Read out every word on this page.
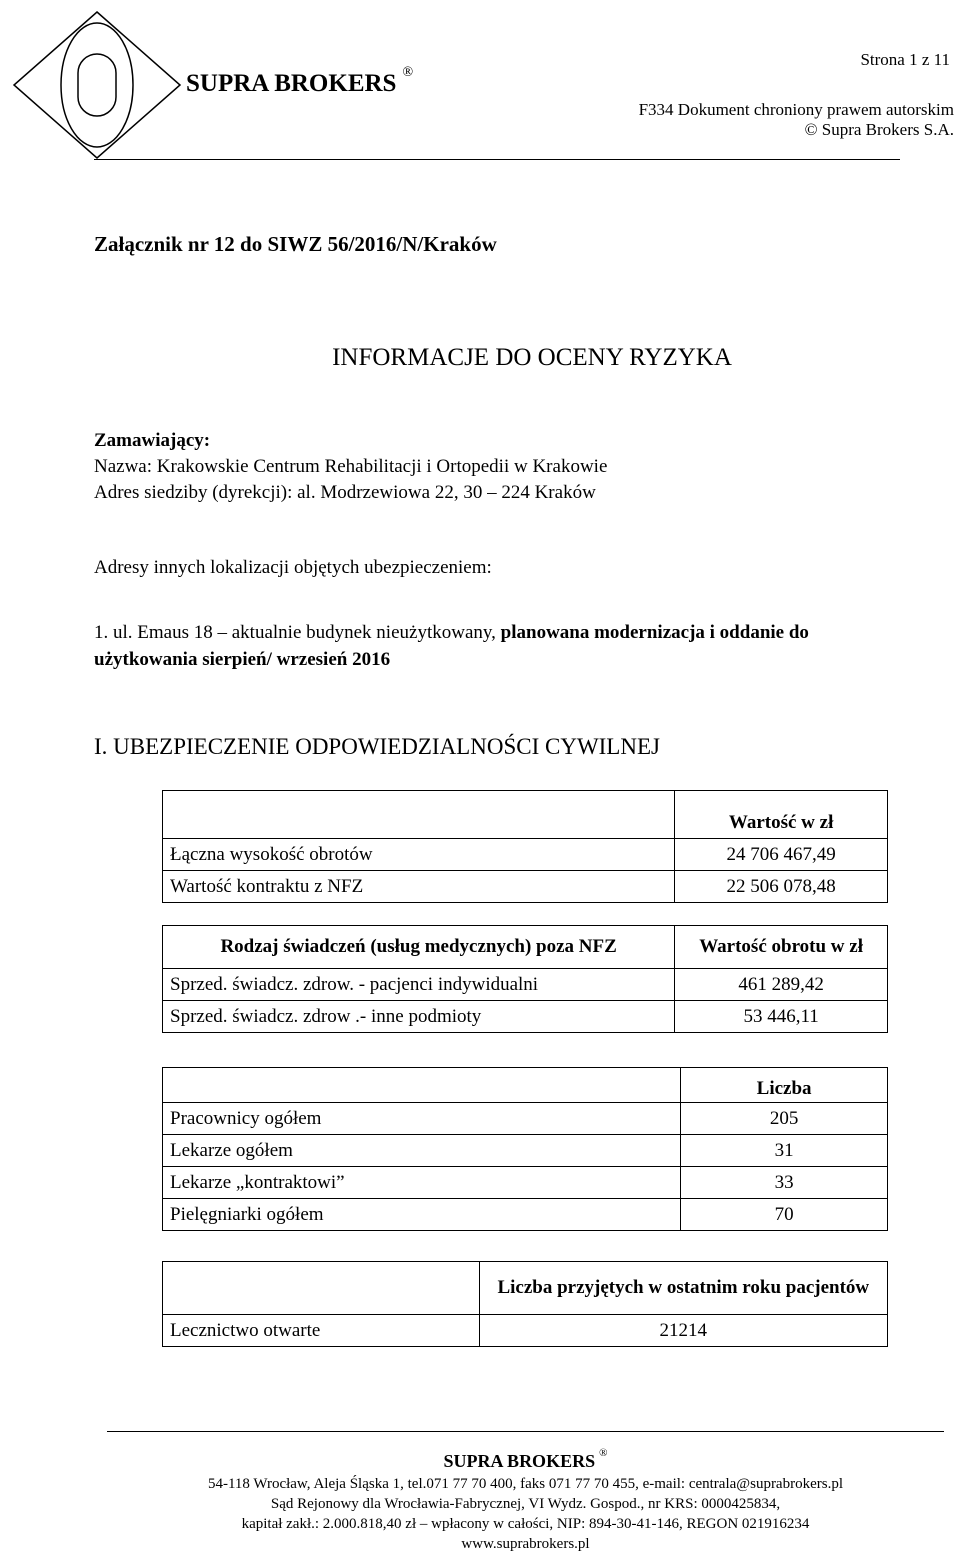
SUPRA BROKERS ®
Strona 1 z 11
F334 Dokument chroniony prawem autorskim
© Supra Brokers S.A.
Załącznik nr 12 do SIWZ 56/2016/N/Kraków
INFORMACJE DO OCENY RYZYKA
Zamawiający:
Nazwa: Krakowskie Centrum Rehabilitacji i Ortopedii w Krakowie
Adres siedziby (dyrekcji): al. Modrzewiowa 22, 30 – 224 Kraków
Adresy innych lokalizacji objętych ubezpieczeniem:
1. ul. Emaus 18 – aktualnie budynek nieużytkowany, planowana modernizacja i oddanie do
użytkowania sierpień/ wrzesień 2016
I. UBEZPIECZENIE ODPOWIEDZIALNOŚCI CYWILNEJ
	Wartość w zł
Łączna wysokość obrotów	24 706 467,49
Wartość kontraktu z NFZ	22 506 078,48

Rodzaj świadczeń (usług medycznych) poza NFZ	Wartość obrotu w zł
Sprzed. świadcz. zdrow. - pacjenci indywidualni	461 289,42
Sprzed. świadcz. zdrow .- inne podmioty	53 446,11
	Liczba
Pracownicy ogółem	205
Lekarze ogółem	31
Lekarze „kontraktowi”	33
Pielęgniarki ogółem	70
	Liczba przyjętych w ostatnim roku pacjentów
Lecznictwo otwarte	21214
SUPRA BROKERS ®
54-118 Wrocław, Aleja Śląska 1, tel.071 77 70 400, faks 071 77 70 455, e-mail: centrala@suprabrokers.pl
Sąd Rejonowy dla Wrocławia-Fabrycznej, VI Wydz. Gospod., nr KRS: 0000425834,
kapitał zakł.: 2.000.818,40 zł – wpłacony w całości, NIP: 894-30-41-146, REGON 021916234
www.suprabrokers.pl
